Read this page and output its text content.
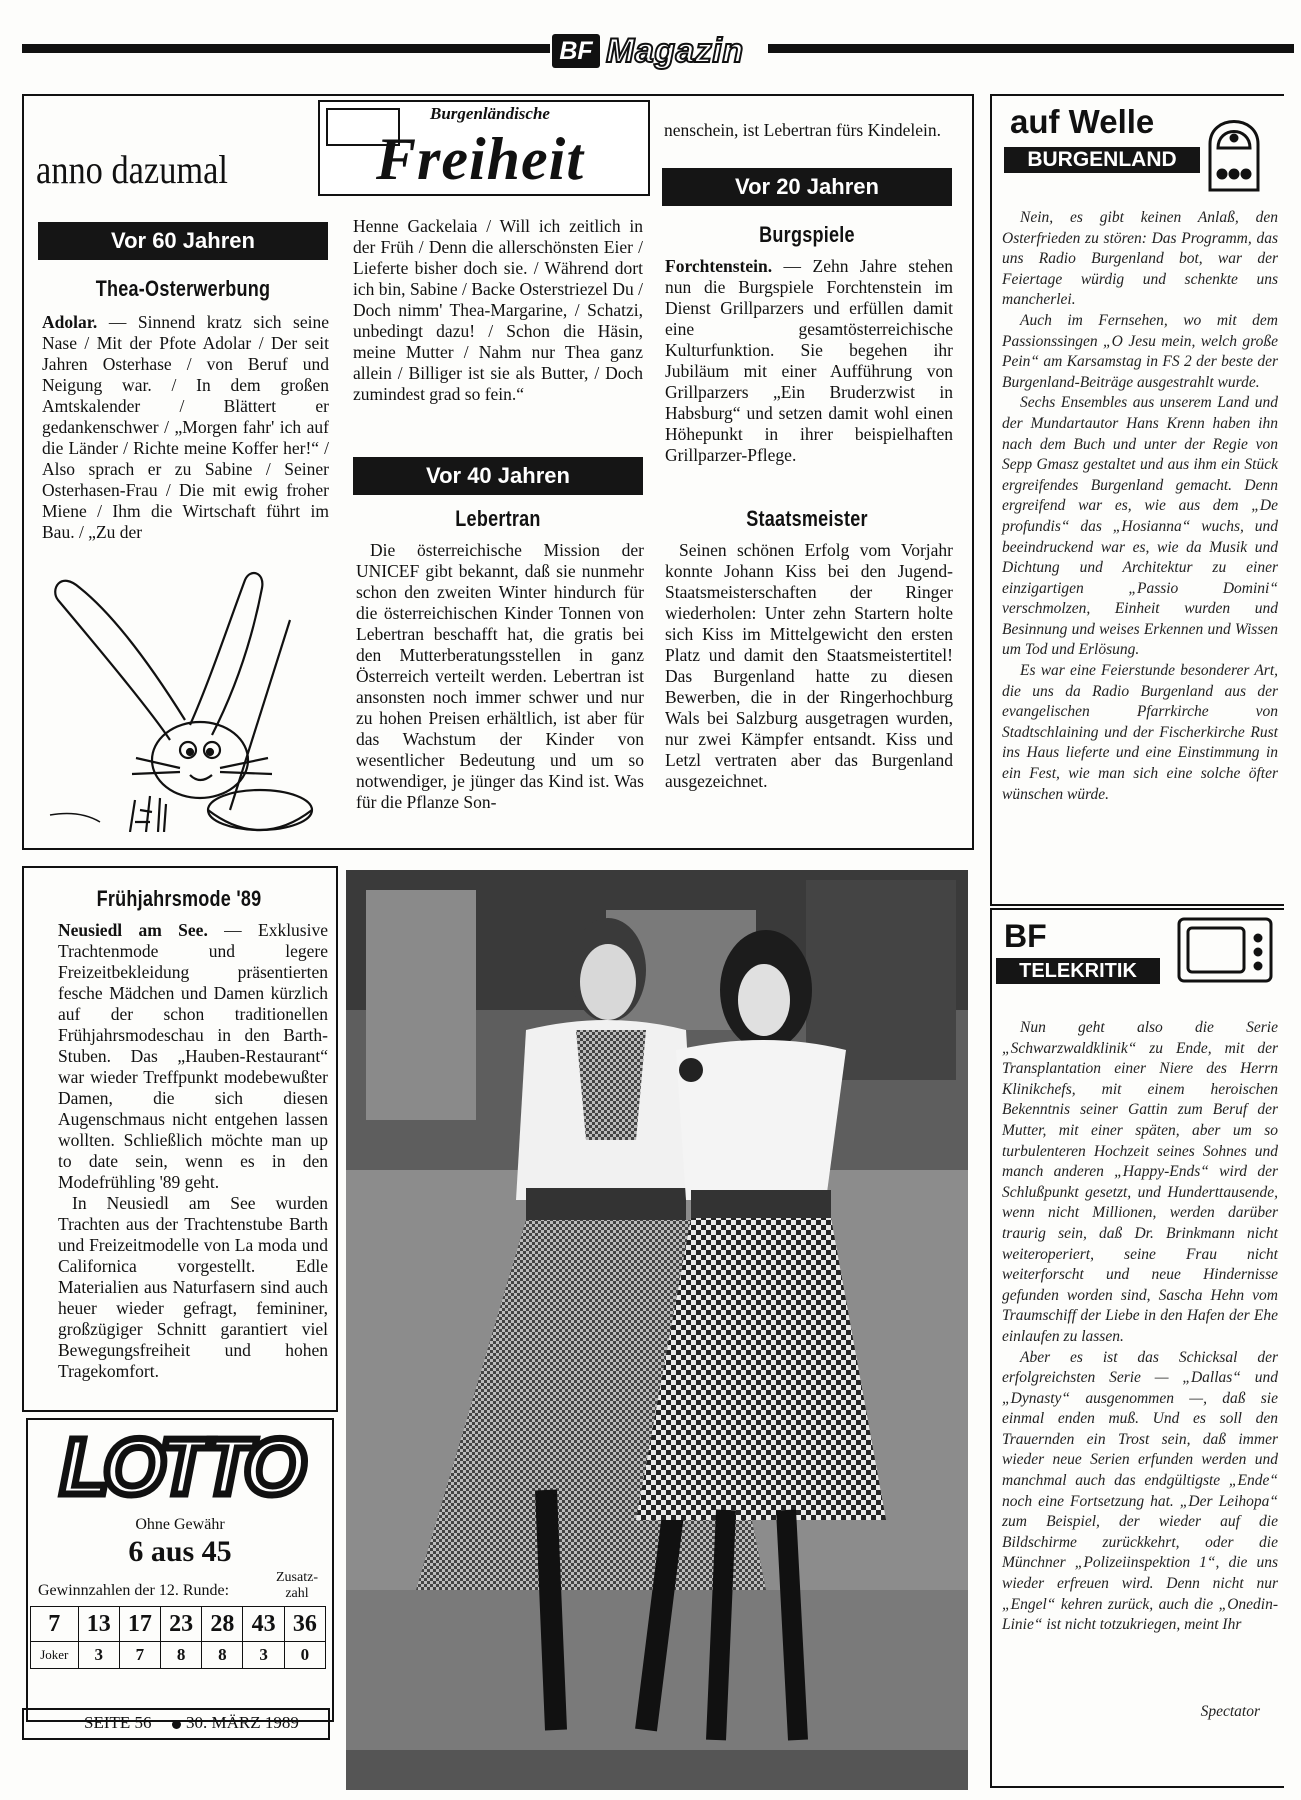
BF Magazin
anno dazumal
Burgenländische
Freiheit
Vor 60 Jahren
Thea-Osterwerbung
Adolar. — Sinnend kratz sich seine Nase / Mit der Pfote Adolar / Der seit Jahren Osterhase / von Beruf und Neigung war. / In dem großen Amtskalender / Blättert er gedankenschwer / „Morgen fahr' ich auf die Länder / Richte meine Koffer her!“ / Also sprach er zu Sabine / Seiner Osterhasen-Frau / Die mit ewig froher Miene / Ihm die Wirtschaft führt im Bau. / „Zu der
Henne Gackelaia / Will ich zeitlich in der Früh / Denn die allerschönsten Eier / Lieferte bisher doch sie. / Während dort ich bin, Sabine / Backe Osterstriezel Du / Doch nimm' Thea-Margarine, / Schatzi, unbedingt dazu! / Schon die Häsin, meine Mutter / Nahm nur Thea ganz allein / Billiger ist sie als Butter, / Doch zumindest grad so fein.“
Vor 40 Jahren
Lebertran

Die österreichische Mission der UNICEF gibt bekannt, daß sie nunmehr schon den zweiten Winter hindurch für die österreichischen Kinder Tonnen von Lebertran beschafft hat, die gratis bei den Mutterberatungsstellen in ganz Österreich verteilt werden. Lebertran ist ansonsten noch immer schwer und nur zu hohen Preisen erhältlich, ist aber für das Wachstum der Kinder von wesentlicher Bedeutung und um so notwendiger, je jünger das Kind ist. Was für die Pflanze Son-

nenschein, ist Lebertran fürs Kindelein.
Vor 20 Jahren
Burgspiele
Forchtenstein. — Zehn Jahre stehen nun die Burgspiele Forchtenstein im Dienst Grillparzers und erfüllen damit eine gesamtösterreichische Kulturfunktion. Sie begehen ihr Jubiläum mit einer Aufführung von Grillparzers „Ein Bruderzwist in Habsburg“ und setzen damit wohl einen Höhepunkt in ihrer beispielhaften Grillparzer-Pflege.
Staatsmeister

Seinen schönen Erfolg vom Vorjahr konnte Johann Kiss bei den Jugend-Staatsmeisterschaften der Ringer wiederholen: Unter zehn Startern holte sich Kiss im Mittelgewicht den ersten Platz und damit den Staatsmeistertitel! Das Burgenland hatte zu diesen Bewerben, die in der Ringerhochburg Wals bei Salzburg ausgetragen wurden, nur zwei Kämpfer entsandt. Kiss und Letzl vertraten aber das Burgenland ausgezeichnet.

auf Welle
BURGENLAND

Nein, es gibt keinen Anlaß, den Osterfrieden zu stören: Das Programm, das uns Radio Burgenland bot, war der Feiertage würdig und schenkte uns mancherlei.

Auch im Fernsehen, wo mit dem Passionssingen „O Jesu mein, welch große Pein“ am Karsamstag in FS 2 der beste der Burgenland-Beiträge ausgestrahlt wurde.

Sechs Ensembles aus unserem Land und der Mundartautor Hans Krenn haben ihn nach dem Buch und unter der Regie von Sepp Gmasz gestaltet und aus ihm ein Stück ergreifendes Burgenland gemacht. Denn ergreifend war es, wie aus dem „De profundis“ das „Hosianna“ wuchs, und beeindruckend war es, wie da Musik und Dichtung und Architektur zu einer einzigartigen „Passio Domini“ verschmolzen, Einheit wurden und Besinnung und weises Erkennen und Wissen um Tod und Erlösung.

Es war eine Feierstunde besonderer Art, die uns da Radio Burgenland aus der evangelischen Pfarrkirche von Stadtschlaining und der Fischerkirche Rust ins Haus lieferte und eine Einstimmung in ein Fest, wie man sich eine solche öfter wünschen würde.

BF
TELEKRITIK

Nun geht also die Serie „Schwarzwaldklinik“ zu Ende, mit der Transplantation einer Niere des Herrn Klinikchefs, mit einem heroischen Bekenntnis seiner Gattin zum Beruf der Mutter, mit einer späten, aber um so turbulenteren Hochzeit seines Sohnes und manch anderen „Happy-Ends“ wird der Schlußpunkt gesetzt, und Hunderttausende, wenn nicht Millionen, werden darüber traurig sein, daß Dr. Brinkmann nicht weiteroperiert, seine Frau nicht weiterforscht und neue Hindernisse gefunden worden sind, Sascha Hehn vom Traumschiff der Liebe in den Hafen der Ehe einlaufen zu lassen.

Aber es ist das Schicksal der erfolgreichsten Serie — „Dallas“ und „Dynasty“ ausgenommen —, daß sie einmal enden muß. Und es soll den Trauernden ein Trost sein, daß immer wieder neue Serien erfunden werden und manchmal auch das endgültigste „Ende“ noch eine Fortsetzung hat. „Der Leihopa“ zum Beispiel, der wieder auf die Bildschirme zurückkehrt, oder die Münchner „Polizeiinspektion 1“, die uns wieder erfreuen wird. Denn nicht nur „Engel“ kehren zurück, auch die „Onedin-Linie“ ist nicht totzukriegen, meint Ihr

Spectator
Frühjahrsmode '89
Neusiedl am See. — Exklusive Trachtenmode und legere Freizeitbekleidung präsentierten fesche Mädchen und Damen kürzlich auf der schon traditionellen Frühjahrsmodeschau in den Barth-Stuben. Das „Hauben-Restaurant“ war wieder Treffpunkt modebewußter Damen, die sich diesen Augenschmaus nicht entgehen lassen wollten. Schließlich möchte man up to date sein, wenn es in den Modefrühling '89 geht.

In Neusiedl am See wurden Trachten aus der Trachtenstube Barth und Freizeitmodelle von La moda und Californica vorgestellt. Edle Materialien aus Naturfasern sind auch heuer wieder gefragt, femininer, großzügiger Schnitt garantiert viel Bewegungsfreiheit und hohen Tragekomfort.

LOTTO
Ohne Gewähr
6 aus 45
Gewinnzahlen der 12. Runde:
Zusatz-
zahl
7	13	17	23	28	43	36
Joker	3	7	8	8	3	0
SEITE 56 30. MÄRZ 1989
